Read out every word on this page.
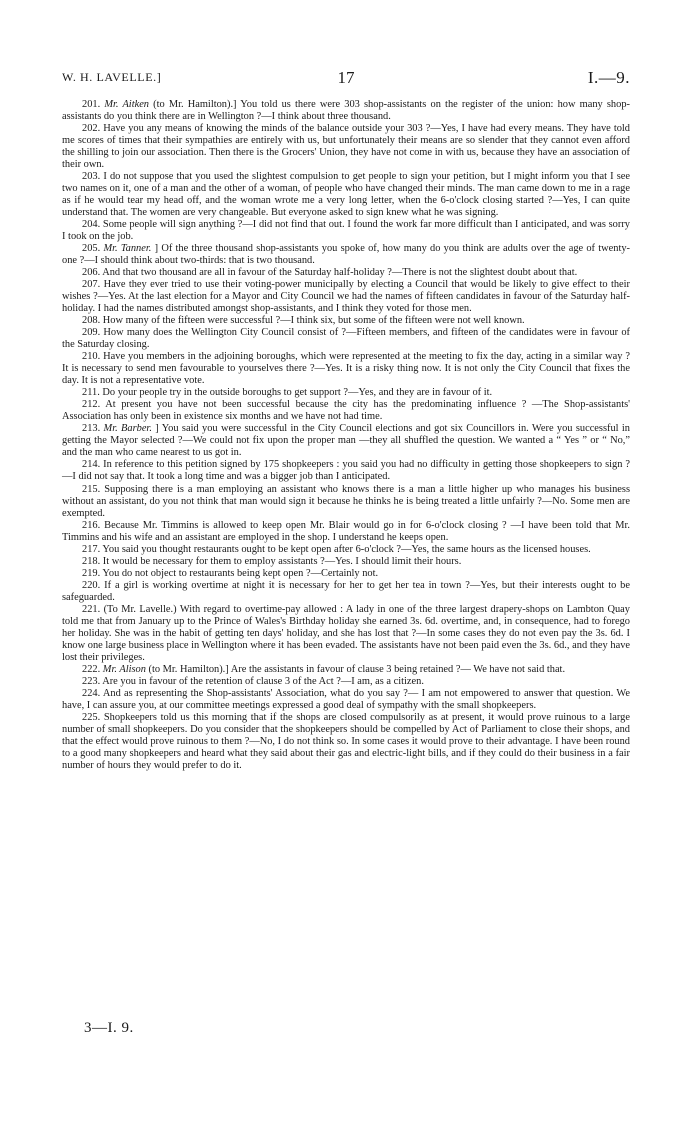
W. H. LAVELLE.]	17	I.—9.

201. Mr. Aitken (to Mr. Hamilton).] You told us there were 303 shop-assistants on the register of the union: how many shop-assistants do you think there are in Wellington ?—I think about three thousand.

202. Have you any means of knowing the minds of the balance outside your 303 ?—Yes, I have had every means. They have told me scores of times that their sympathies are entirely with us, but unfortunately their means are so slender that they cannot even afford the shilling to join our association. Then there is the Grocers' Union, they have not come in with us, because they have an association of their own.

203. I do not suppose that you used the slightest compulsion to get people to sign your petition, but I might inform you that I see two names on it, one of a man and the other of a woman, of people who have changed their minds. The man came down to me in a rage as if he would tear my head off, and the woman wrote me a very long letter, when the 6-o'clock closing started ?—Yes, I can quite understand that. The women are very changeable. But everyone asked to sign knew what he was signing.

204. Some people will sign anything ?—I did not find that out. I found the work far more difficult than I anticipated, and was sorry I took on the job.

205. Mr. Tanner. ] Of the three thousand shop-assistants you spoke of, how many do you think are adults over the age of twenty-one ?—I should think about two-thirds: that is two thousand.

206. And that two thousand are all in favour of the Saturday half-holiday ?—There is not the slightest doubt about that.

207. Have they ever tried to use their voting-power municipally by electing a Council that would be likely to give effect to their wishes ?—Yes. At the last election for a Mayor and City Council we had the names of fifteen candidates in favour of the Saturday half-holiday. I had the names distributed amongst shop-assistants, and I think they voted for those men.

208. How many of the fifteen were successful ?—I think six, but some of the fifteen were not well known.

209. How many does the Wellington City Council consist of ?—Fifteen members, and fifteen of the candidates were in favour of the Saturday closing.

210. Have you members in the adjoining boroughs, which were represented at the meeting to fix the day, acting in a similar way ? It is necessary to send men favourable to yourselves there ?—Yes. It is a risky thing now. It is not only the City Council that fixes the day. It is not a representative vote.

211. Do your people try in the outside boroughs to get support ?—Yes, and they are in favour of it.

212. At present you have not been successful because the city has the predominating influence ? —The Shop-assistants' Association has only been in existence six months and we have not had time.

213. Mr. Barber. ] You said you were successful in the City Council elections and got six Councillors in. Were you successful in getting the Mayor selected ?—We could not fix upon the proper man —they all shuffled the question. We wanted a “ Yes ” or “ No,” and the man who came nearest to us got in.

214. In reference to this petition signed by 175 shopkeepers : you said you had no difficulty in getting those shopkeepers to sign ?—I did not say that. It took a long time and was a bigger job than I anticipated.

215. Supposing there is a man employing an assistant who knows there is a man a little higher up who manages his business without an assistant, do you not think that man would sign it because he thinks he is being treated a little unfairly ?—No. Some men are exempted.

216. Because Mr. Timmins is allowed to keep open Mr. Blair would go in for 6-o'clock closing ? —I have been told that Mr. Timmins and his wife and an assistant are employed in the shop. I understand he keeps open.

217. You said you thought restaurants ought to be kept open after 6-o'clock ?—Yes, the same hours as the licensed houses.

218. It would be necessary for them to employ assistants ?—Yes. I should limit their hours.

219. You do not object to restaurants being kept open ?—Certainly not.

220. If a girl is working overtime at night it is necessary for her to get her tea in town ?—Yes, but their interests ought to be safeguarded.

221. (To Mr. Lavelle.) With regard to overtime-pay allowed : A lady in one of the three largest drapery-shops on Lambton Quay told me that from January up to the Prince of Wales's Birthday holiday she earned 3s. 6d. overtime, and, in consequence, had to forego her holiday. She was in the habit of getting ten days' holiday, and she has lost that ?—In some cases they do not even pay the 3s. 6d. I know one large business place in Wellington where it has been evaded. The assistants have not been paid even the 3s. 6d., and they have lost their privileges.

222. Mr. Alison (to Mr. Hamilton).] Are the assistants in favour of clause 3 being retained ?— We have not said that.

223. Are you in favour of the retention of clause 3 of the Act ?—I am, as a citizen.

224. And as representing the Shop-assistants' Association, what do you say ?— I am not empowered to answer that question. We have, I can assure you, at our committee meetings expressed a good deal of sympathy with the small shopkeepers.

225. Shopkeepers told us this morning that if the shops are closed compulsorily as at present, it would prove ruinous to a large number of small shopkeepers. Do you consider that the shopkeepers should be compelled by Act of Parliament to close their shops, and that the effect would prove ruinous to them ?—No, I do not think so. In some cases it would prove to their advantage. I have been round to a good many shopkeepers and heard what they said about their gas and electric-light bills, and if they could do their business in a fair number of hours they would prefer to do it.

3—I. 9.
